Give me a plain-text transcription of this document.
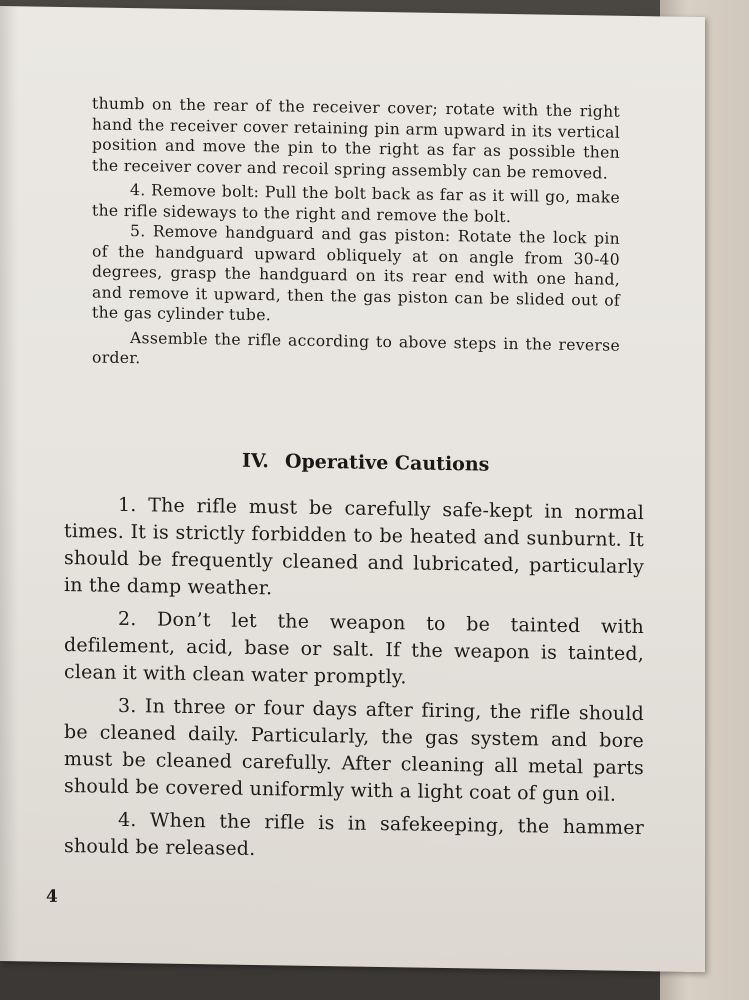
thumb on the rear of the receiver cover; rotate with the right hand the receiver cover retaining pin arm upward in its vertical position and move the pin to the right as far as possible then the receiver cover and recoil spring assembly can be removed.

4. Remove bolt: Pull the bolt back as far as it will go, make the rifle sideways to the right and remove the bolt.

5. Remove handguard and gas piston: Rotate the lock pin of the handguard upward obliquely at on angle from 30-40 degrees, grasp the handguard on its rear end with one hand, and remove it upward, then the gas piston can be slided out of the gas cylinder tube.

Assemble the rifle according to above steps in the reverse order.

IV. Operative Cautions

1. The rifle must be carefully safe-kept in normal times. It is strictly forbidden to be heated and sunburnt. It should be frequently cleaned and lubricated, particularly in the damp weather.

2. Don’t let the weapon to be tainted with defilement, acid, base or salt. If the weapon is tainted, clean it with clean water promptly.

3. In three or four days after firing, the rifle should be cleaned daily. Particularly, the gas system and bore must be cleaned carefully. After cleaning all metal parts should be covered uniformly with a light coat of gun oil.

4. When the rifle is in safekeeping, the hammer should be released.

4
